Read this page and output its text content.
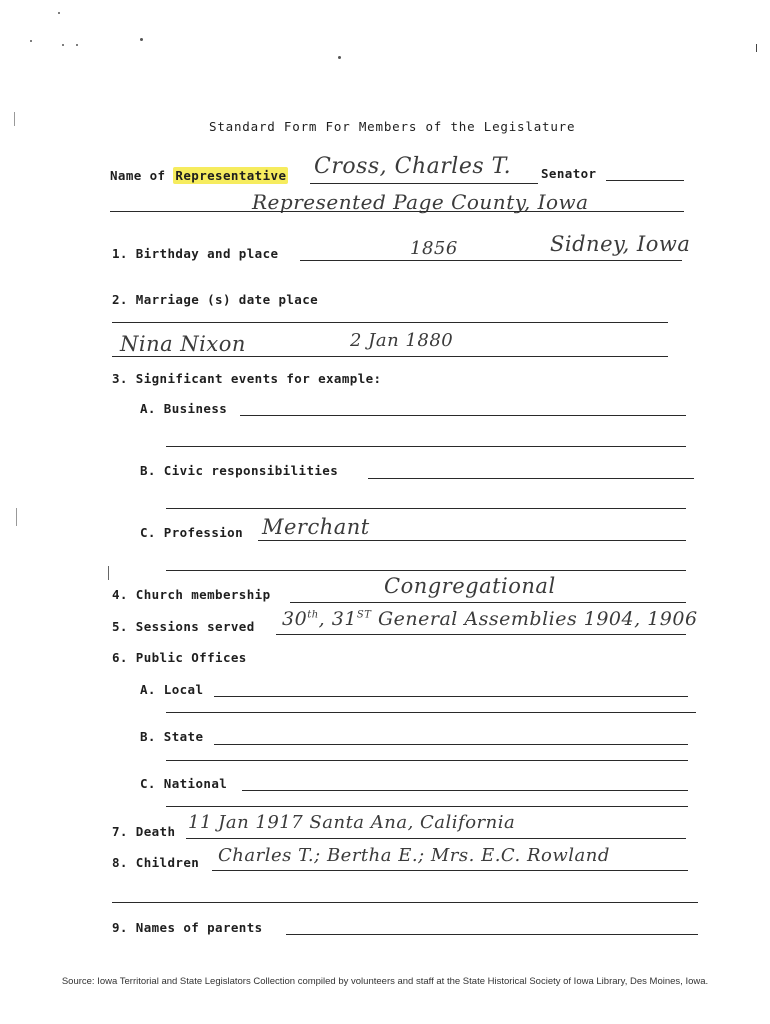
Standard Form For Members of the Legislature
Name of Representative Cross, Charles T. Senator
Represented Page County, Iowa
1. Birthday and place	1856	Sidney, Iowa
2. Marriage (s) date place
Nina Nixon	2 Jan 1880
3. Significant events for example:
A. Business
B. Civic responsibilities
C. Profession Merchant
4. Church membership	Congregational
5. Sessions served 30th, 31ST General Assemblies 1904, 1906
6. Public Offices
A. Local
B. State
C. National
7. Death 11 Jan 1917 Santa Ana, California
8. Children Charles T.; Bertha E.; Mrs. E.C. Rowland
9. Names of parents
Source: Iowa Territorial and State Legislators Collection compiled by volunteers and staff at the State Historical Society of Iowa Library, Des Moines, Iowa.
